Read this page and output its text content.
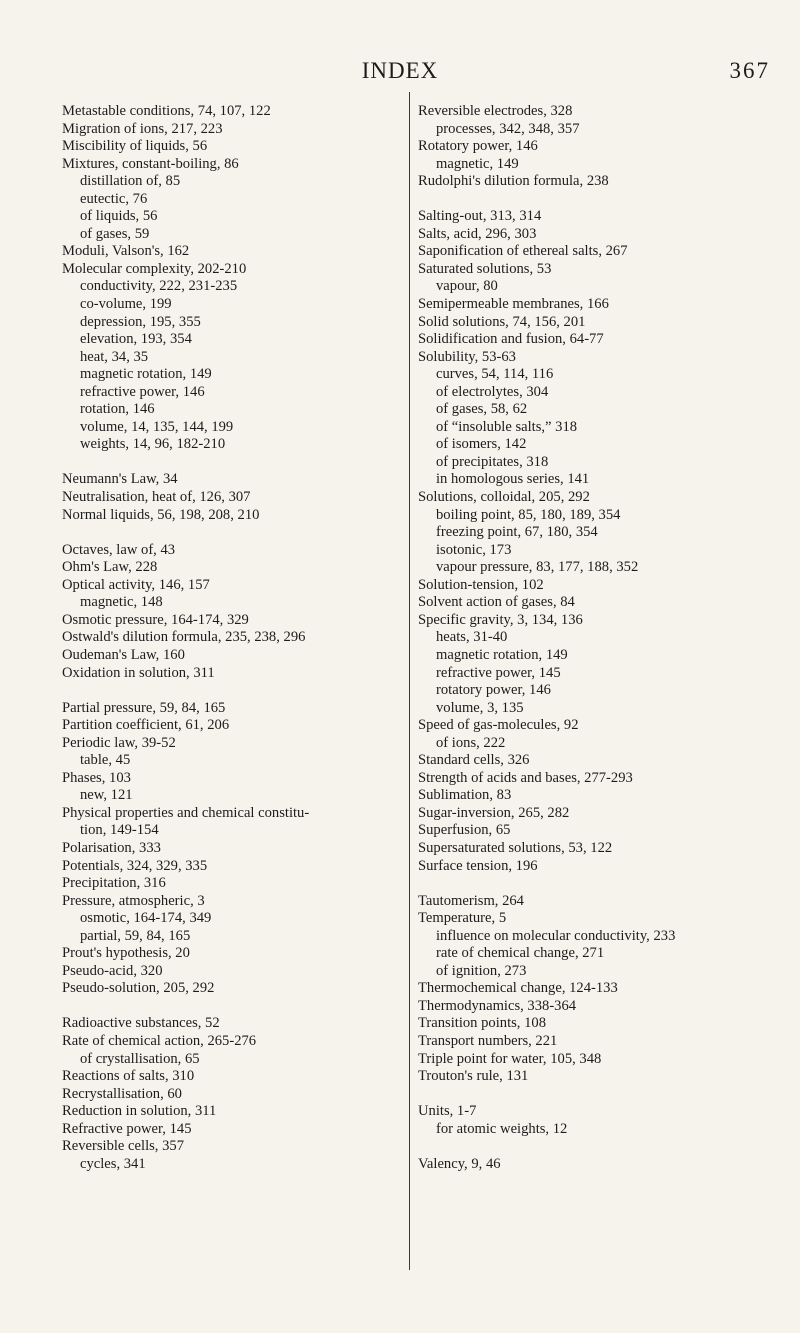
INDEX	367
Metastable conditions, 74, 107, 122
Migration of ions, 217, 223
Miscibility of liquids, 56
Mixtures, constant-boiling, 86
distillation of, 85
eutectic, 76
of liquids, 56
of gases, 59
Moduli, Valson's, 162
Molecular complexity, 202-210
conductivity, 222, 231-235
co-volume, 199
depression, 195, 355
elevation, 193, 354
heat, 34, 35
magnetic rotation, 149
refractive power, 146
rotation, 146
volume, 14, 135, 144, 199
weights, 14, 96, 182-210
Neumann's Law, 34
Neutralisation, heat of, 126, 307
Normal liquids, 56, 198, 208, 210
Octaves, law of, 43
Ohm's Law, 228
Optical activity, 146, 157
magnetic, 148
Osmotic pressure, 164-174, 329
Ostwald's dilution formula, 235, 238, 296
Oudeman's Law, 160
Oxidation in solution, 311
Partial pressure, 59, 84, 165
Partition coefficient, 61, 206
Periodic law, 39-52
table, 45
Phases, 103
new, 121
Physical properties and chemical constitu-
tion, 149-154
Polarisation, 333
Potentials, 324, 329, 335
Precipitation, 316
Pressure, atmospheric, 3
osmotic, 164-174, 349
partial, 59, 84, 165
Prout's hypothesis, 20
Pseudo-acid, 320
Pseudo-solution, 205, 292
Radioactive substances, 52
Rate of chemical action, 265-276
of crystallisation, 65
Reactions of salts, 310
Recrystallisation, 60
Reduction in solution, 311
Refractive power, 145
Reversible cells, 357
cycles, 341
Reversible electrodes, 328
processes, 342, 348, 357
Rotatory power, 146
magnetic, 149
Rudolphi's dilution formula, 238
Salting-out, 313, 314
Salts, acid, 296, 303
Saponification of ethereal salts, 267
Saturated solutions, 53
vapour, 80
Semipermeable membranes, 166
Solid solutions, 74, 156, 201
Solidification and fusion, 64-77
Solubility, 53-63
curves, 54, 114, 116
of electrolytes, 304
of gases, 58, 62
of “insoluble salts,” 318
of isomers, 142
of precipitates, 318
in homologous series, 141
Solutions, colloidal, 205, 292
boiling point, 85, 180, 189, 354
freezing point, 67, 180, 354
isotonic, 173
vapour pressure, 83, 177, 188, 352
Solution-tension, 102
Solvent action of gases, 84
Specific gravity, 3, 134, 136
heats, 31-40
magnetic rotation, 149
refractive power, 145
rotatory power, 146
volume, 3, 135
Speed of gas-molecules, 92
of ions, 222
Standard cells, 326
Strength of acids and bases, 277-293
Sublimation, 83
Sugar-inversion, 265, 282
Superfusion, 65
Supersaturated solutions, 53, 122
Surface tension, 196
Tautomerism, 264
Temperature, 5
influence on molecular conductivity, 233
rate of chemical change, 271
of ignition, 273
Thermochemical change, 124-133
Thermodynamics, 338-364
Transition points, 108
Transport numbers, 221
Triple point for water, 105, 348
Trouton's rule, 131
Units, 1-7
for atomic weights, 12
Valency, 9, 46
